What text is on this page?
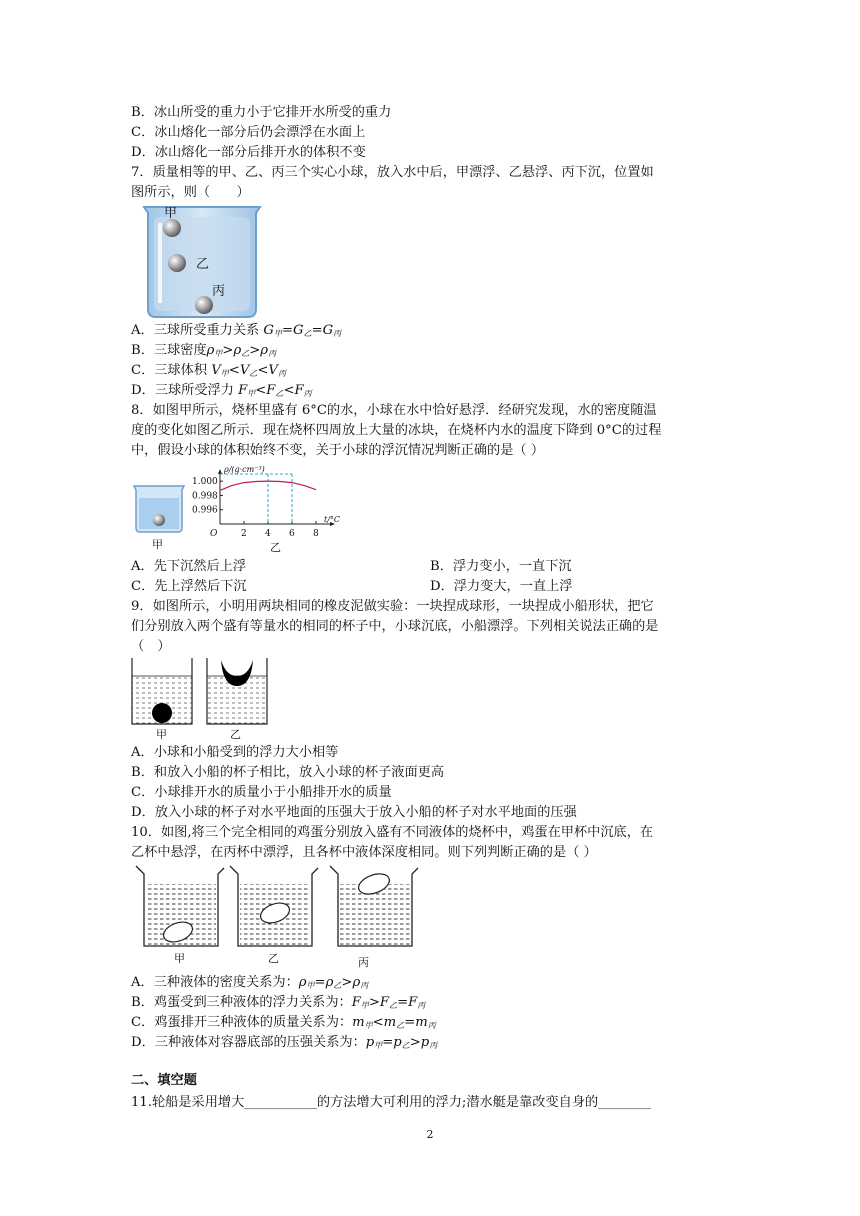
B．冰山所受的重力小于它排开水所受的重力
C．冰山熔化一部分后仍会漂浮在水面上
D．冰山熔化一部分后排开水的体积不变
7．质量相等的甲、乙、丙三个实心小球，放入水中后，甲漂浮、乙悬浮、丙下沉，位置如
图所示，则（　　）
甲
乙
丙
A．三球所受重力关系 $G_甲=G_乙=G_丙$
B．三球密度$\rho_甲>\rho_乙>\rho_丙$
C．三球体积 $V_甲<V_乙<V_丙$
D．三球所受浮力 $F_甲<F_乙<F_丙$
8．如图甲所示，烧杯里盛有 6°C的水，小球在水中恰好悬浮．经研究发现，水的密度随温
度的变化如图乙所示．现在烧杯四周放上大量的冰块，在烧杯内水的温度下降到 0°C的过程
中，假设小球的体积始终不变，关于小球的浮沉情况判断正确的是（ ）
甲
ρ/(g·cm⁻³)
t/°C
O	2 4 6 8
1.000
0.998
0.996
乙
A．先下沉然后上浮	B．浮力变小，一直下沉
C．先上浮然后下沉	D．浮力变大，一直上浮
9．如图所示，小明用两块相同的橡皮泥做实验：一块捏成球形，一块捏成小船形状，把它
们分别放入两个盛有等量水的相同的杯子中，小球沉底，小船漂浮。下列相关说法正确的是
（　）
甲	乙
A．小球和小船受到的浮力大小相等
B．和放入小船的杯子相比，放入小球的杯子液面更高
C．小球排开水的质量小于小船排开水的质量
D．放入小球的杯子对水平地面的压强大于放入小船的杯子对水平地面的压强
10．如图,将三个完全相同的鸡蛋分别放入盛有不同液体的烧杯中，鸡蛋在甲杯中沉底，在
乙杯中悬浮，在丙杯中漂浮，且各杯中液体深度相同。则下列判断正确的是（ ）
甲	乙	丙
A．三种液体的密度关系为：$\rho_甲=\rho_乙>\rho_丙$
B．鸡蛋受到三种液体的浮力关系为：$F_甲>F_乙=F_丙$
C．鸡蛋排开三种液体的质量关系为：$m_甲<m_乙=m_丙$
D．三种液体对容器底部的压强关系为：$p_甲=p_乙>p_丙$
二、填空题
11.轮船是采用增大___________的方法增大可利用的浮力;潜水艇是靠改变自身的________
2
